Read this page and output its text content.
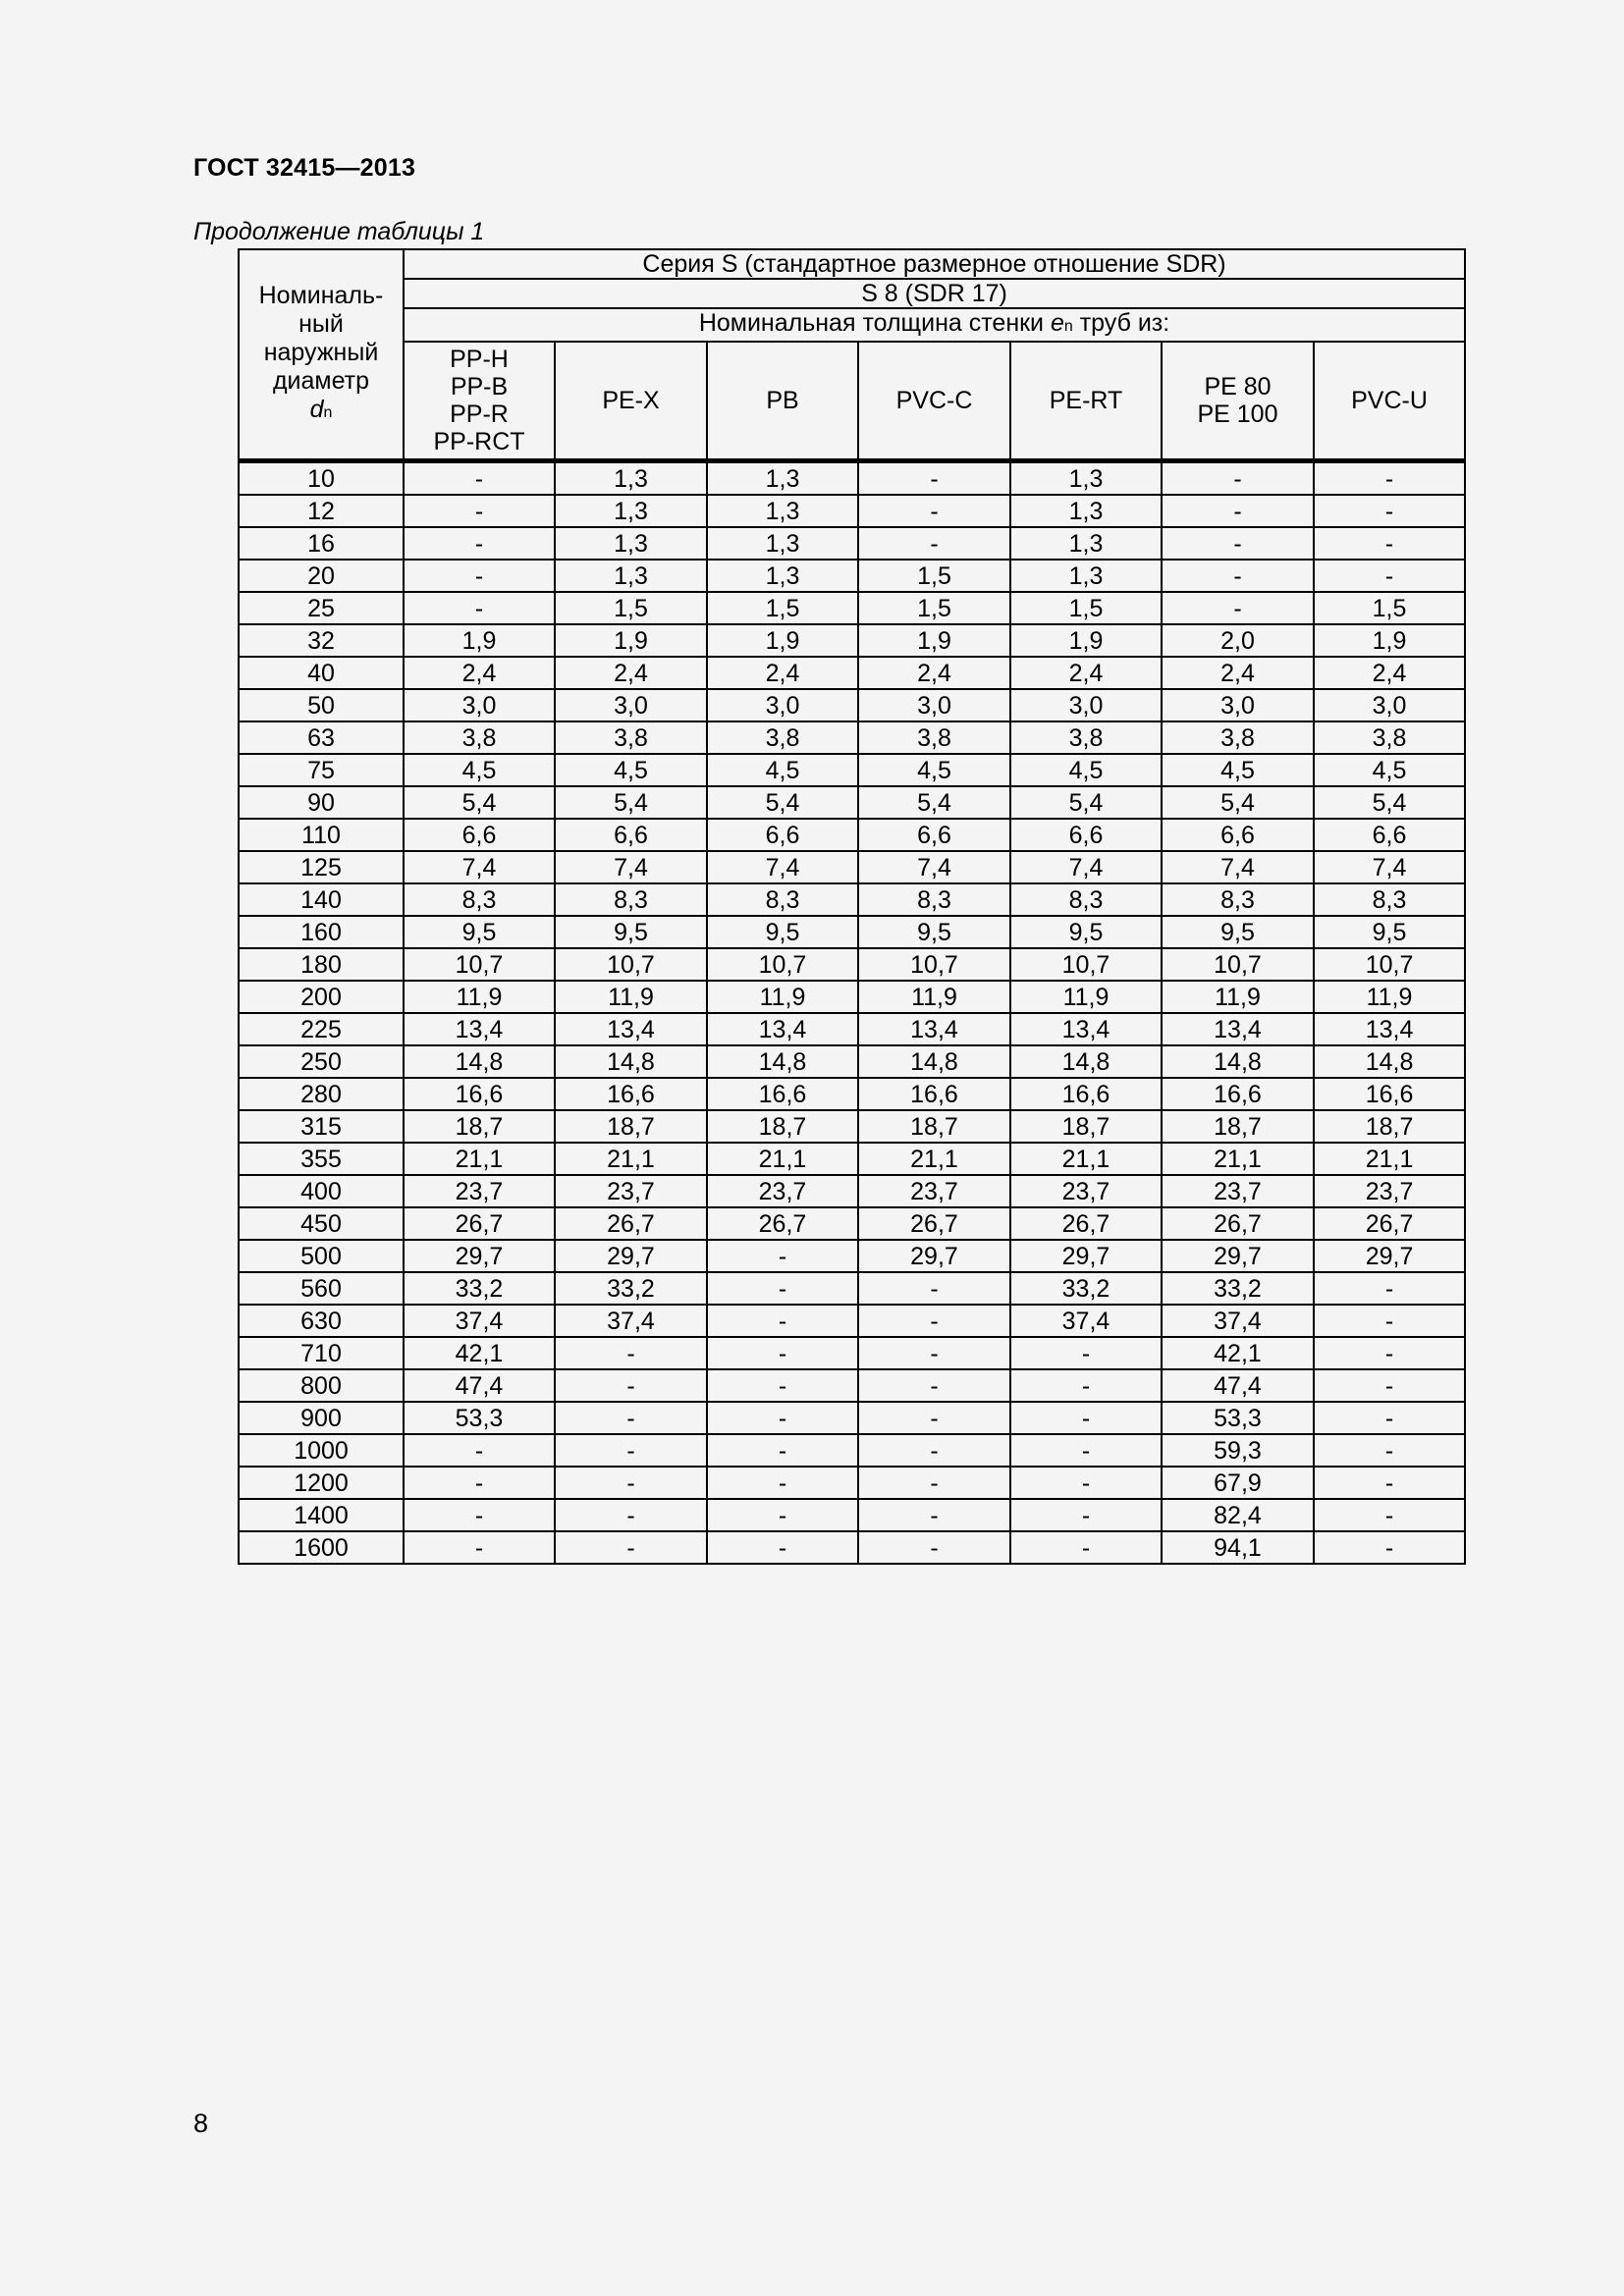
ГОСТ 32415—2013
Продолжение таблицы 1
Номиналь-
ный
наружный
диаметр
dn	Серия S (стандартное размерное отношение SDR)						
	S 8 (SDR 17)						
	Номинальная толщина стенки en труб из:						
	PP-H
PP-B
PP-R
PP-RCT	PE-X	PB	PVC-C	PE-RT	PE 80
PE 100	PVC-U
10	-	1,3	1,3	-	1,3	-	-
12	-	1,3	1,3	-	1,3	-	-
16	-	1,3	1,3	-	1,3	-	-
20	-	1,3	1,3	1,5	1,3	-	-
25	-	1,5	1,5	1,5	1,5	-	1,5
32	1,9	1,9	1,9	1,9	1,9	2,0	1,9
40	2,4	2,4	2,4	2,4	2,4	2,4	2,4
50	3,0	3,0	3,0	3,0	3,0	3,0	3,0
63	3,8	3,8	3,8	3,8	3,8	3,8	3,8
75	4,5	4,5	4,5	4,5	4,5	4,5	4,5
90	5,4	5,4	5,4	5,4	5,4	5,4	5,4
110	6,6	6,6	6,6	6,6	6,6	6,6	6,6
125	7,4	7,4	7,4	7,4	7,4	7,4	7,4
140	8,3	8,3	8,3	8,3	8,3	8,3	8,3
160	9,5	9,5	9,5	9,5	9,5	9,5	9,5
180	10,7	10,7	10,7	10,7	10,7	10,7	10,7
200	11,9	11,9	11,9	11,9	11,9	11,9	11,9
225	13,4	13,4	13,4	13,4	13,4	13,4	13,4
250	14,8	14,8	14,8	14,8	14,8	14,8	14,8
280	16,6	16,6	16,6	16,6	16,6	16,6	16,6
315	18,7	18,7	18,7	18,7	18,7	18,7	18,7
355	21,1	21,1	21,1	21,1	21,1	21,1	21,1
400	23,7	23,7	23,7	23,7	23,7	23,7	23,7
450	26,7	26,7	26,7	26,7	26,7	26,7	26,7
500	29,7	29,7	-	29,7	29,7	29,7	29,7
560	33,2	33,2	-	-	33,2	33,2	-
630	37,4	37,4	-	-	37,4	37,4	-
710	42,1	-	-	-	-	42,1	-
800	47,4	-	-	-	-	47,4	-
900	53,3	-	-	-	-	53,3	-
1000	-	-	-	-	-	59,3	-
1200	-	-	-	-	-	67,9	-
1400	-	-	-	-	-	82,4	-
1600	-	-	-	-	-	94,1	-
8
